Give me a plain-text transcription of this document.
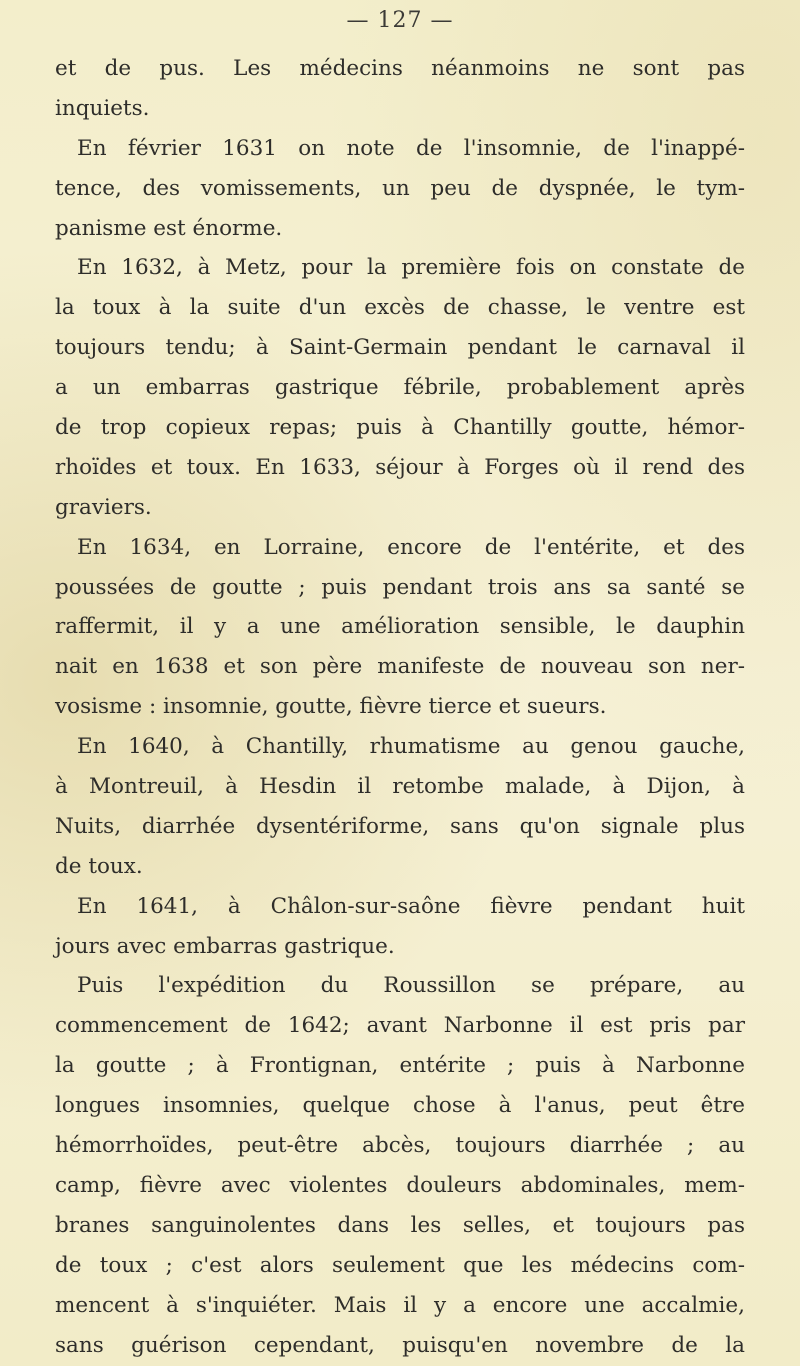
— 127 —
et de pus. Les médecins néanmoins ne sont pas
inquiets.
En février 1631 on note de l'insomnie, de l'inappé-
tence, des vomissements, un peu de dyspnée, le tym-
panisme est énorme.
En 1632, à Metz, pour la première fois on constate de
la toux à la suite d'un excès de chasse, le ventre est
toujours tendu; à Saint-Germain pendant le carnaval il
a un embarras gastrique fébrile, probablement après
de trop copieux repas; puis à Chantilly goutte, hémor-
rhoïdes et toux. En 1633, séjour à Forges où il rend des
graviers.
En 1634, en Lorraine, encore de l'entérite, et des
poussées de goutte ; puis pendant trois ans sa santé se
raffermit, il y a une amélioration sensible, le dauphin
nait en 1638 et son père manifeste de nouveau son ner-
vosisme : insomnie, goutte, fièvre tierce et sueurs.
En 1640, à Chantilly, rhumatisme au genou gauche,
à Montreuil, à Hesdin il retombe malade, à Dijon, à
Nuits, diarrhée dysentériforme, sans qu'on signale plus
de toux.
En 1641, à Châlon-sur-saône fièvre pendant huit
jours avec embarras gastrique.
Puis l'expédition du Roussillon se prépare, au
commencement de 1642; avant Narbonne il est pris par
la goutte ; à Frontignan, entérite ; puis à Narbonne
longues insomnies, quelque chose à l'anus, peut être
hémorrhoïdes, peut-être abcès, toujours diarrhée ; au
camp, fièvre avec violentes douleurs abdominales, mem-
branes sanguinolentes dans les selles, et toujours pas
de toux ; c'est alors seulement que les médecins com-
mencent à s'inquiéter. Mais il y a encore une accalmie,
sans guérison cependant, puisqu'en novembre de la
